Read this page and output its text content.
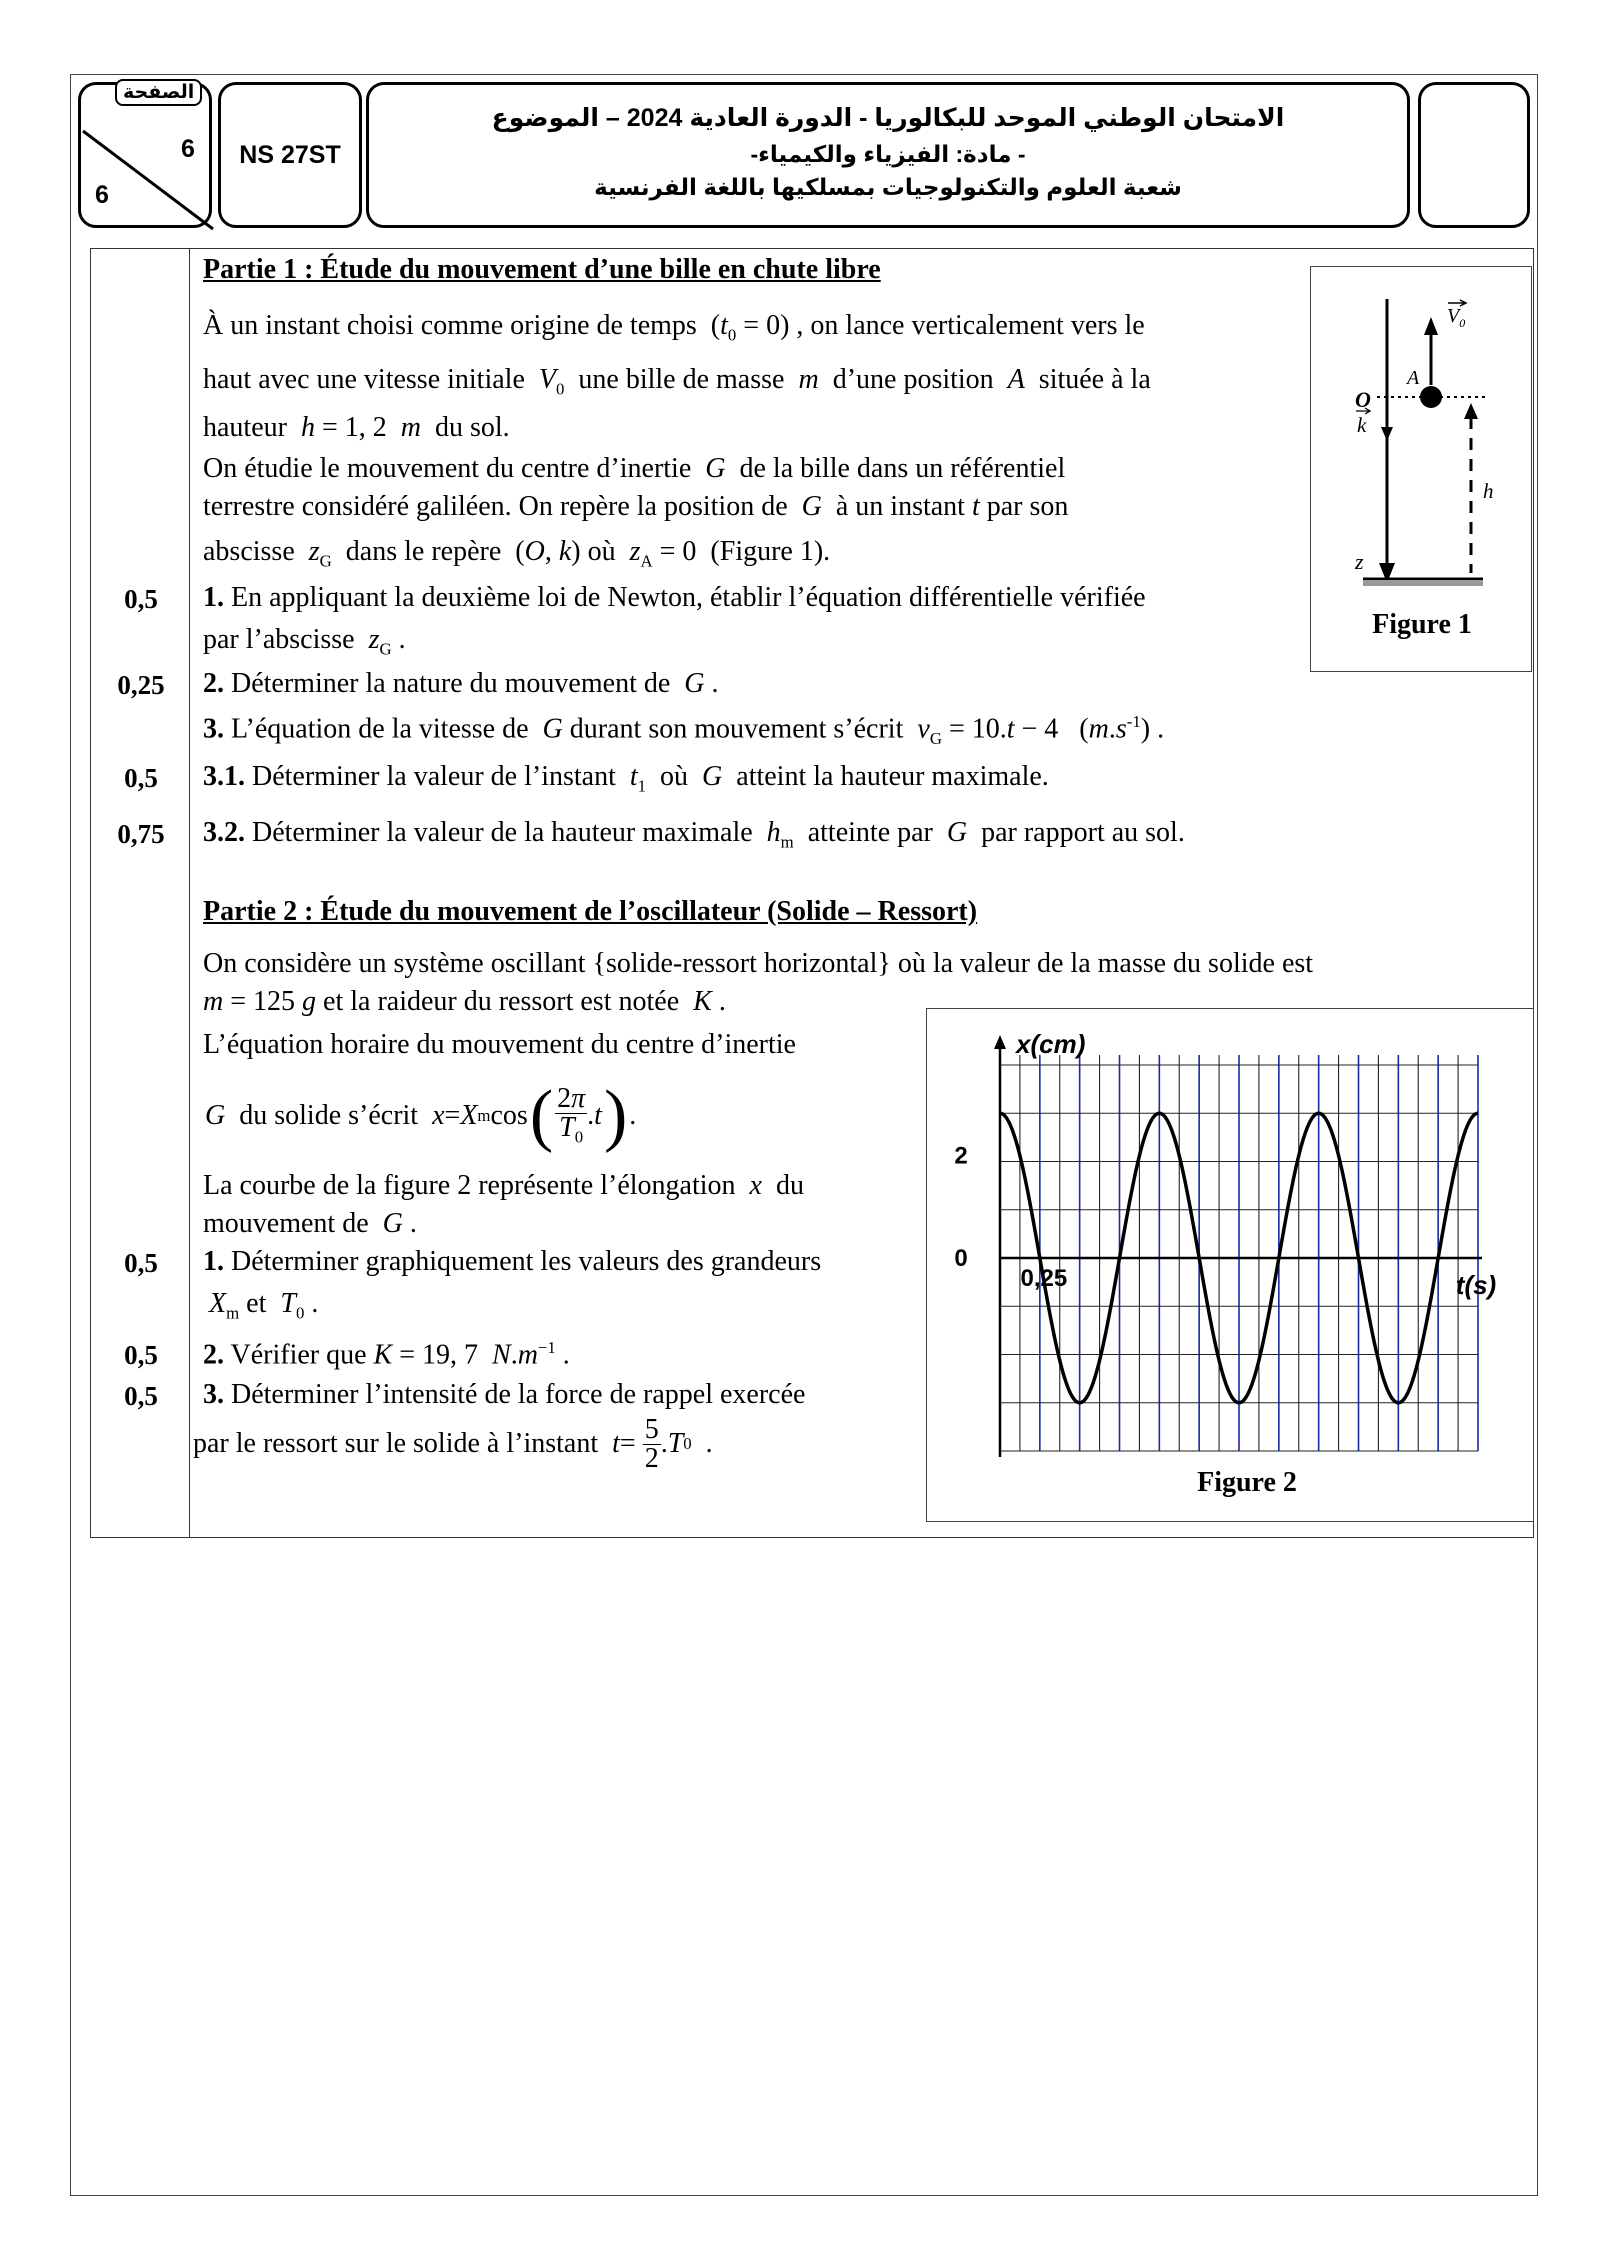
الصفحة
6
6
NS 27ST
الامتحان الوطني الموحد للبكالوريا - الدورة العادية 2024 – الموضوع
- مادة: الفيزياء والكيمياء-
شعبة العلوم والتكنولوجيات بمسلكيها باللغة الفرنسية
0,5
0,25
0,5
0,75
0,5
0,5
0,5
Partie 1 : Étude du mouvement d’une bille en chute libre
À un instant choisi comme origine de temps  $(t_0 = 0)$ , on lance verticalement vers le
haut avec une vitesse initiale  $V_0$  une bille de masse  m  d’une position  A  située à la
hauteur  h = 1, 2  m  du sol.
On étudie le mouvement du centre d’inertie  G  de la bille dans un référentiel
terrestre considéré galiléen. On repère la position de  G  à un instant t par son
abscisse  $z_G$  dans le repère  (O, k) où  $z_A = 0$  (Figure 1).
1. En appliquant la deuxième loi de Newton, établir l’équation différentielle vérifiée
par l’abscisse  $z_G$ .
2. Déterminer la nature du mouvement de  G .
3. L’équation de la vitesse de  G durant son mouvement s’écrit  $v_G = 10.t - 4$   $(m.s^{-1})$ .
3.1. Déterminer la valeur de l’instant  $t_1$  où  G  atteint la hauteur maximale.
3.2. Déterminer la valeur de la hauteur maximale  $h_m$  atteinte par  G  par rapport au sol.
$V_0$
A
O
k
z
h
Figure 1
Partie 2 : Étude du mouvement de l’oscillateur (Solide – Ressort)
On considère un système oscillant {solide-ressort horizontal} où la valeur de la masse du solide est
m = 125 g et la raideur du ressort est notée  K .
L’équation horaire du mouvement du centre d’inertie
G du solide s’écrit x = X m cos ( $\frac{2\pi}{T_0}$ . t ) .
La courbe de la figure 2 représente l’élongation  x  du
mouvement de  G .
1. Déterminer graphiquement les valeurs des grandeurs
$X_m$ et  $T_0$ .
2. Vérifier que K = 19, 7  $N.m^{-1}$ .
3. Déterminer l’intensité de la force de rappel exercée
par le ressort sur le solide à l’instant $t = \frac{5}{2}$ . T 0 .
x(cm)
t(s)
2
0
0,25
Figure 2
